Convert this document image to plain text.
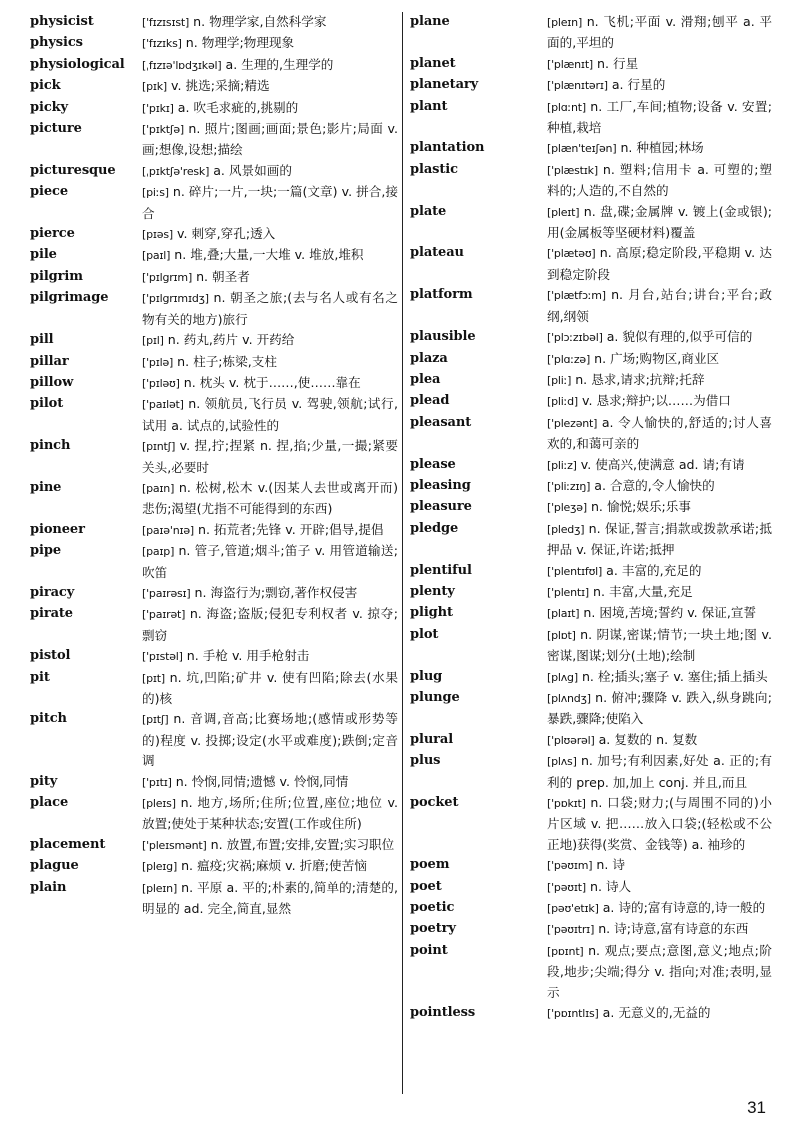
physicist	['fɪzɪsɪst] n. 物理学家,自然科学家
physics	['fɪzɪks] n. 物理学;物理现象
physiological	[ˌfɪzɪə'lɒdʒɪkəl] a. 生理的,生理学的
pick	[pɪk] v. 挑选;采摘;精选
picky	['pɪkɪ] a. 吹毛求疵的,挑剔的
picture	['pɪktʃə] n. 照片;图画;画面;景色;影片;局面 v. 画;想像,设想;描绘
picturesque	[ˌpɪktʃə'resk] a. 风景如画的
piece	[piːs] n. 碎片;一片,一块;一篇(文章) v. 拼合,接合
pierce	[pɪəs] v. 刺穿,穿孔;透入
pile	[paɪl] n. 堆,叠;大量,一大堆 v. 堆放,堆积
pilgrim	['pɪlgrɪm] n. 朝圣者
pilgrimage	['pɪlgrɪmɪdʒ] n. 朝圣之旅;(去与名人或有名之物有关的地方)旅行
pill	[pɪl] n. 药丸,药片 v. 开药给
pillar	['pɪlə] n. 柱子;栋梁,支柱
pillow	['pɪləʊ] n. 枕头 v. 枕于……,使……靠在
pilot	['paɪlət] n. 领航员,飞行员 v. 驾驶,领航;试行,试用 a. 试点的,试验性的
pinch	[pɪntʃ] v. 捏,拧;捏紧 n. 捏,掐;少量,一撮;紧要关头,必要时
pine	[paɪn] n. 松树,松木 v.(因某人去世或离开而)悲伤;渴望(尤指不可能得到的东西)
pioneer	[paɪə'nɪə] n. 拓荒者;先锋 v. 开辟;倡导,提倡
pipe	[paɪp] n. 管子,管道;烟斗;笛子 v. 用管道输送;吹笛
piracy	['paɪrəsɪ] n. 海盗行为;剽窃,著作权侵害
pirate	['paɪrət] n. 海盗;盗版;侵犯专利权者 v. 掠夺;剽窃
pistol	['pɪstəl] n. 手枪 v. 用手枪射击
pit	[pɪt] n. 坑,凹陷;矿井 v. 使有凹陷;除去(水果的)核
pitch	[pɪtʃ] n. 音调,音高;比赛场地;(感情或形势等的)程度 v. 投掷;设定(水平或难度);跌倒;定音调
pity	['pɪtɪ] n. 怜悯,同情;遗憾 v. 怜悯,同情
place	[pleɪs] n. 地方,场所;住所;位置,座位;地位 v. 放置;使处于某种状态;安置(工作或住所)
placement	['pleɪsmənt] n. 放置,布置;安排,安置;实习职位
plague	[pleɪg] n. 瘟疫;灾祸;麻烦 v. 折磨;使苦恼
plain	[pleɪn] n. 平原 a. 平的;朴素的,简单的;清楚的,明显的 ad. 完全,简直,显然
plane	[pleɪn] n. 飞机;平面 v. 滑翔;刨平 a. 平面的,平坦的
planet	['plænɪt] n. 行星
planetary	['plænɪtərɪ] a. 行星的
plant	[plɑːnt] n. 工厂,车间;植物;设备 v. 安置;种植,栽培
plantation	[plæn'teɪʃən] n. 种植园;林场
plastic	['plæstɪk] n. 塑料;信用卡 a. 可塑的;塑料的;人造的,不自然的
plate	[pleɪt] n. 盘,碟;金属牌 v. 镀上(金或银);用(金属板等坚硬材料)覆盖
plateau	['plætəʊ] n. 高原;稳定阶段,平稳期 v. 达到稳定阶段
platform	['plætfɔːm] n. 月台,站台;讲台;平台;政纲,纲领
plausible	['plɔːzɪbəl] a. 貌似有理的,似乎可信的
plaza	['plɑːzə] n. 广场;购物区,商业区
plea	[pliː] n. 恳求,请求;抗辩;托辞
plead	[pliːd] v. 恳求;辩护;以……为借口
pleasant	['plezənt] a. 令人愉快的,舒适的;讨人喜欢的,和蔼可亲的
please	[pliːz] v. 使高兴,使满意 ad. 请;有请
pleasing	['pliːzɪŋ] a. 合意的,令人愉快的
pleasure	['pleʒə] n. 愉悦;娱乐;乐事
pledge	[pledʒ] n. 保证,誓言;捐款或拨款承诺;抵押品 v. 保证,许诺;抵押
plentiful	['plentɪfʊl] a. 丰富的,充足的
plenty	['plentɪ] n. 丰富,大量,充足
plight	[plaɪt] n. 困境,苦境;誓约 v. 保证,宣誓
plot	[plɒt] n. 阴谋,密谋;情节;一块土地;图 v. 密谋,图谋;划分(土地);绘制
plug	[plʌg] n. 栓;插头;塞子 v. 塞住;插上插头
plunge	[plʌndʒ] n. 俯冲;骤降 v. 跌入,纵身跳向;暴跌,骤降;使陷入
plural	['plʊərəl] a. 复数的 n. 复数
plus	[plʌs] n. 加号;有利因素,好处 a. 正的;有利的 prep. 加,加上 conj. 并且,而且
pocket	['pɒkɪt] n. 口袋;财力;(与周围不同的)小片区域 v. 把……放入口袋;(轻松或不公正地)获得(奖赏、金钱等) a. 袖珍的
poem	['pəʊɪm] n. 诗
poet	['pəʊɪt] n. 诗人
poetic	[pəʊ'etɪk] a. 诗的;富有诗意的,诗一般的
poetry	['pəʊɪtrɪ] n. 诗;诗意,富有诗意的东西
point	[pɒɪnt] n. 观点;要点;意图,意义;地点;阶段,地步;尖端;得分 v. 指向;对准;表明,显示
pointless	['pɒɪntlɪs] a. 无意义的,无益的
31
